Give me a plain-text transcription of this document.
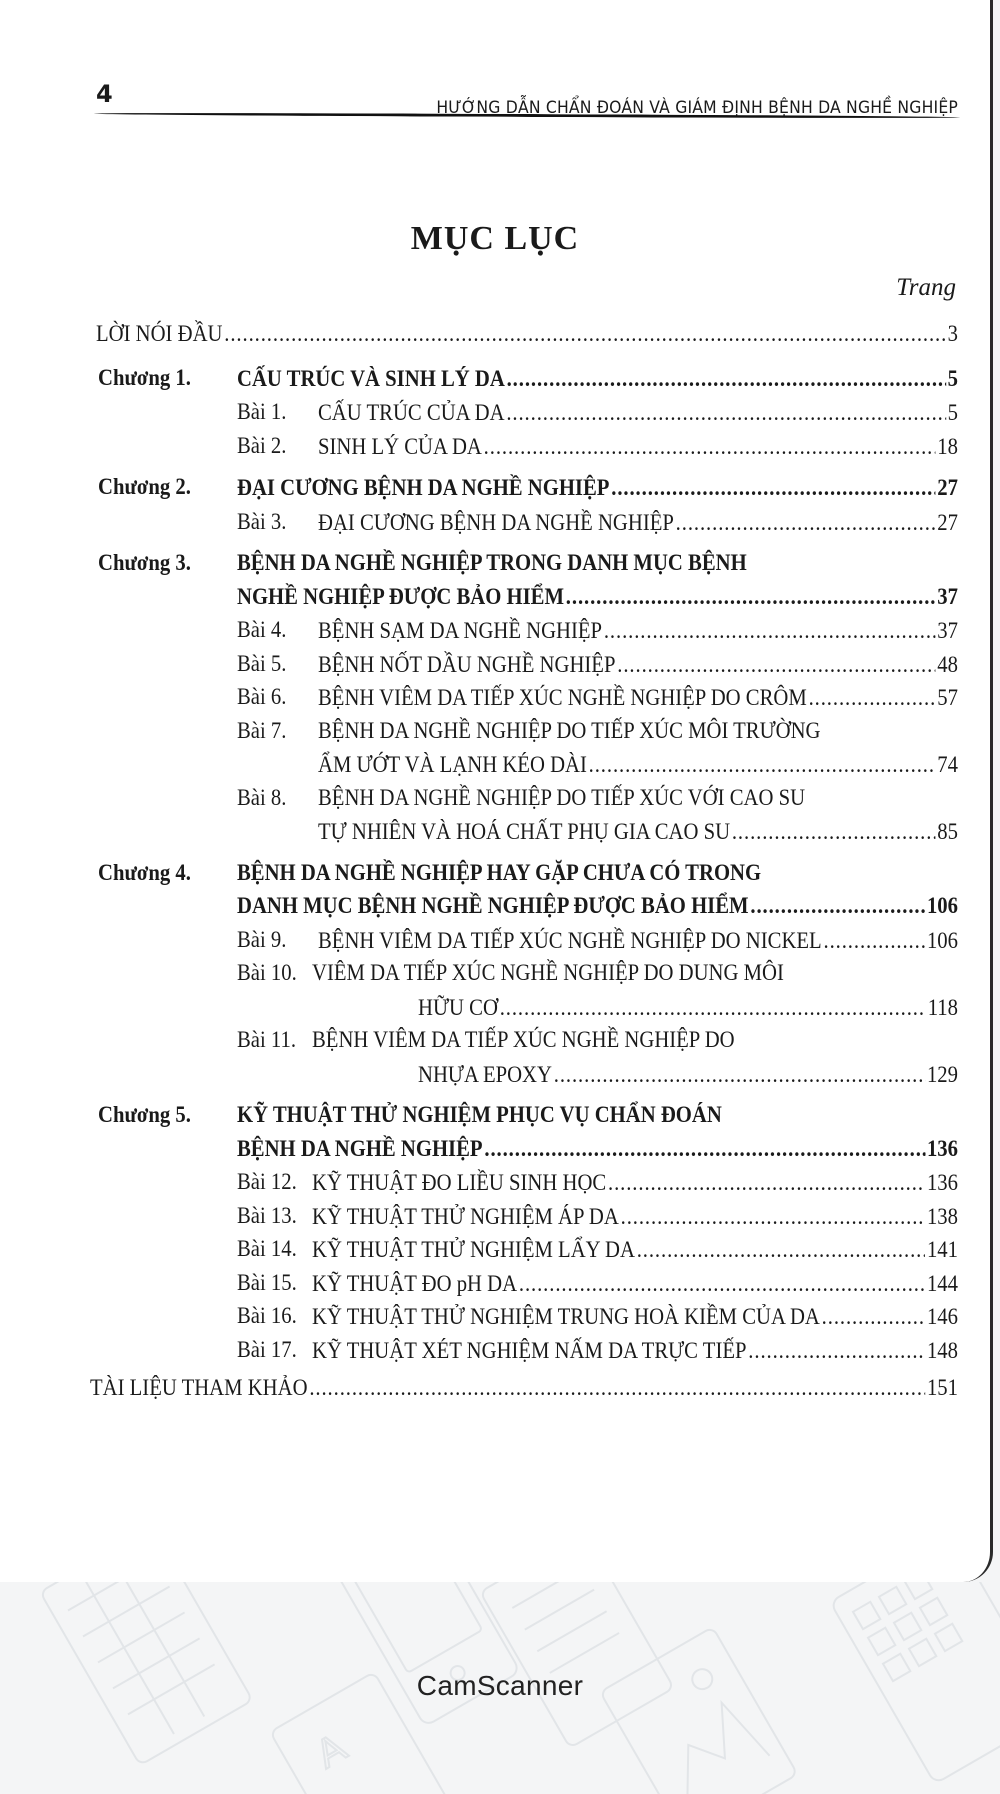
4	HƯỚNG DẪN CHẨN ĐOÁN VÀ GIÁM ĐỊNH BỆNH DA NGHỀ NGHIỆP
MỤC LỤC
Trang
LỜI NÓI ĐẦU .....	3
Chương 1. CẤU TRÚC VÀ SINH LÝ DA .....	5
Bài 1. CẤU TRÚC CỦA DA .....	5
Bài 2. SINH LÝ CỦA DA .....	18
Chương 2. ĐẠI CƯƠNG BỆNH DA NGHỀ NGHIỆP .....	27
Bài 3. ĐẠI CƯƠNG BỆNH DA NGHỀ NGHIỆP .....	27
Chương 3. BỆNH DA NGHỀ NGHIỆP TRONG DANH MỤC BỆNH
NGHỀ NGHIỆP ĐƯỢC BẢO HIỂM .....	37
Bài 4. BỆNH SẠM DA NGHỀ NGHIỆP .....	37
Bài 5. BỆNH NỐT DẦU NGHỀ NGHIỆP .....	48
Bài 6. BỆNH VIÊM DA TIẾP XÚC NGHỀ NGHIỆP DO CRÔM .....	57
Bài 7. BỆNH DA NGHỀ NGHIỆP DO TIẾP XÚC MÔI TRƯỜNG
ẨM ƯỚT VÀ LẠNH KÉO DÀI .....	74
Bài 8. BỆNH DA NGHỀ NGHIỆP DO TIẾP XÚC VỚI CAO SU
TỰ NHIÊN VÀ HOÁ CHẤT PHỤ GIA CAO SU .....	85
Chương 4. BỆNH DA NGHỀ NGHIỆP HAY GẶP CHƯA CÓ TRONG
DANH MỤC BỆNH NGHỀ NGHIỆP ĐƯỢC BẢO HIỂM .....	106
Bài 9. BỆNH VIÊM DA TIẾP XÚC NGHỀ NGHIỆP DO NICKEL .....	106
Bài 10. VIÊM DA TIẾP XÚC NGHỀ NGHIỆP DO DUNG MÔI
HỮU CƠ .....	118
Bài 11. BỆNH VIÊM DA TIẾP XÚC NGHỀ NGHIỆP DO
NHỰA EPOXY .....	129
Chương 5. KỸ THUẬT THỬ NGHIỆM PHỤC VỤ CHẨN ĐOÁN
BỆNH DA NGHỀ NGHIỆP .....	136
Bài 12. KỸ THUẬT ĐO LIỀU SINH HỌC .....	136
Bài 13. KỸ THUẬT THỬ NGHIỆM ÁP DA .....	138
Bài 14. KỸ THUẬT THỬ NGHIỆM LẨY DA .....	141
Bài 15. KỸ THUẬT ĐO pH DA .....	144
Bài 16. KỸ THUẬT THỬ NGHIỆM TRUNG HOÀ KIỀM CỦA DA .....	146
Bài 17. KỸ THUẬT XÉT NGHIỆM NẤM DA TRỰC TIẾP .....	148
TÀI LIỆU THAM KHẢO .....	151
A
CamScanner
